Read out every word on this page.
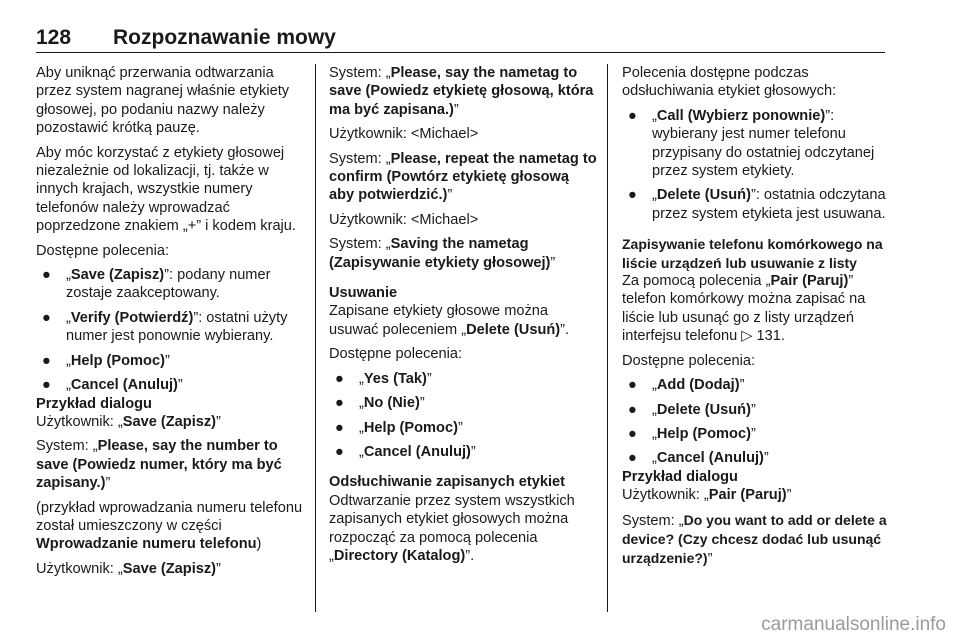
128 Rozpoznawanie mowy

Aby uniknąć przerwania odtwarzania przez system nagranej właśnie etykiety głosowej, po podaniu nazwy należy pozostawić krótką pauzę.

Aby móc korzystać z etykiety głosowej niezależnie od lokalizacji, tj. także w innych krajach, wszystkie numery telefonów należy wprowadzać poprzedzone znakiem „+” i kodem kraju.

Dostępne polecenia:

●	„Save (Zapisz)”: podany numer zostaje zaakceptowany.
●	„Verify (Potwierdź)”: ostatni użyty numer jest ponownie wybierany.
●	„Help (Pomoc)”
●	„Cancel (Anuluj)”

Przykład dialogu

Użytkownik: „Save (Zapisz)”

System: „Please, say the number to save (Powiedz numer, który ma być zapisany.)”

(przykład wprowadzania numeru telefonu został umieszczony w części Wprowadzanie numeru telefonu)

Użytkownik: „Save (Zapisz)”

System: „Please, say the nametag to save (Powiedz etykietę głosową, która ma być zapisana.)”

Użytkownik: <Michael>

System: „Please, repeat the nametag to confirm (Powtórz etykietę głosową aby potwierdzić.)”

Użytkownik: <Michael>

System: „Saving the nametag (Zapisywanie etykiety głosowej)”

Usuwanie

Zapisane etykiety głosowe można usuwać poleceniem „Delete (Usuń)”.

Dostępne polecenia:

●	„Yes (Tak)”
●	„No (Nie)”
●	„Help (Pomoc)”
●	„Cancel (Anuluj)”

Odsłuchiwanie zapisanych etykiet

Odtwarzanie przez system wszystkich zapisanych etykiet głosowych można rozpocząć za pomocą polecenia „Directory (Katalog)”.

Polecenia dostępne podczas odsłuchiwania etykiet głosowych:

●	„Call (Wybierz ponownie)”: wybierany jest numer telefonu przypisany do ostatniej odczytanej przez system etykiety.
●	„Delete (Usuń)”: ostatnia odczytana przez system etykieta jest usuwana.

Zapisywanie telefonu komórkowego na liście urządzeń lub usuwanie z listy

Za pomocą polecenia „Pair (Paruj)” telefon komórkowy można zapisać na liście lub usunąć go z listy urządzeń interfejsu telefonu ▷ 131.

Dostępne polecenia:

●	„Add (Dodaj)”
●	„Delete (Usuń)”
●	„Help (Pomoc)”
●	„Cancel (Anuluj)”

Przykład dialogu

Użytkownik: „Pair (Paruj)”

System: „Do you want to add or delete a device? (Czy chcesz dodać lub usunąć urządzenie?)”

carmanualsonline.info
